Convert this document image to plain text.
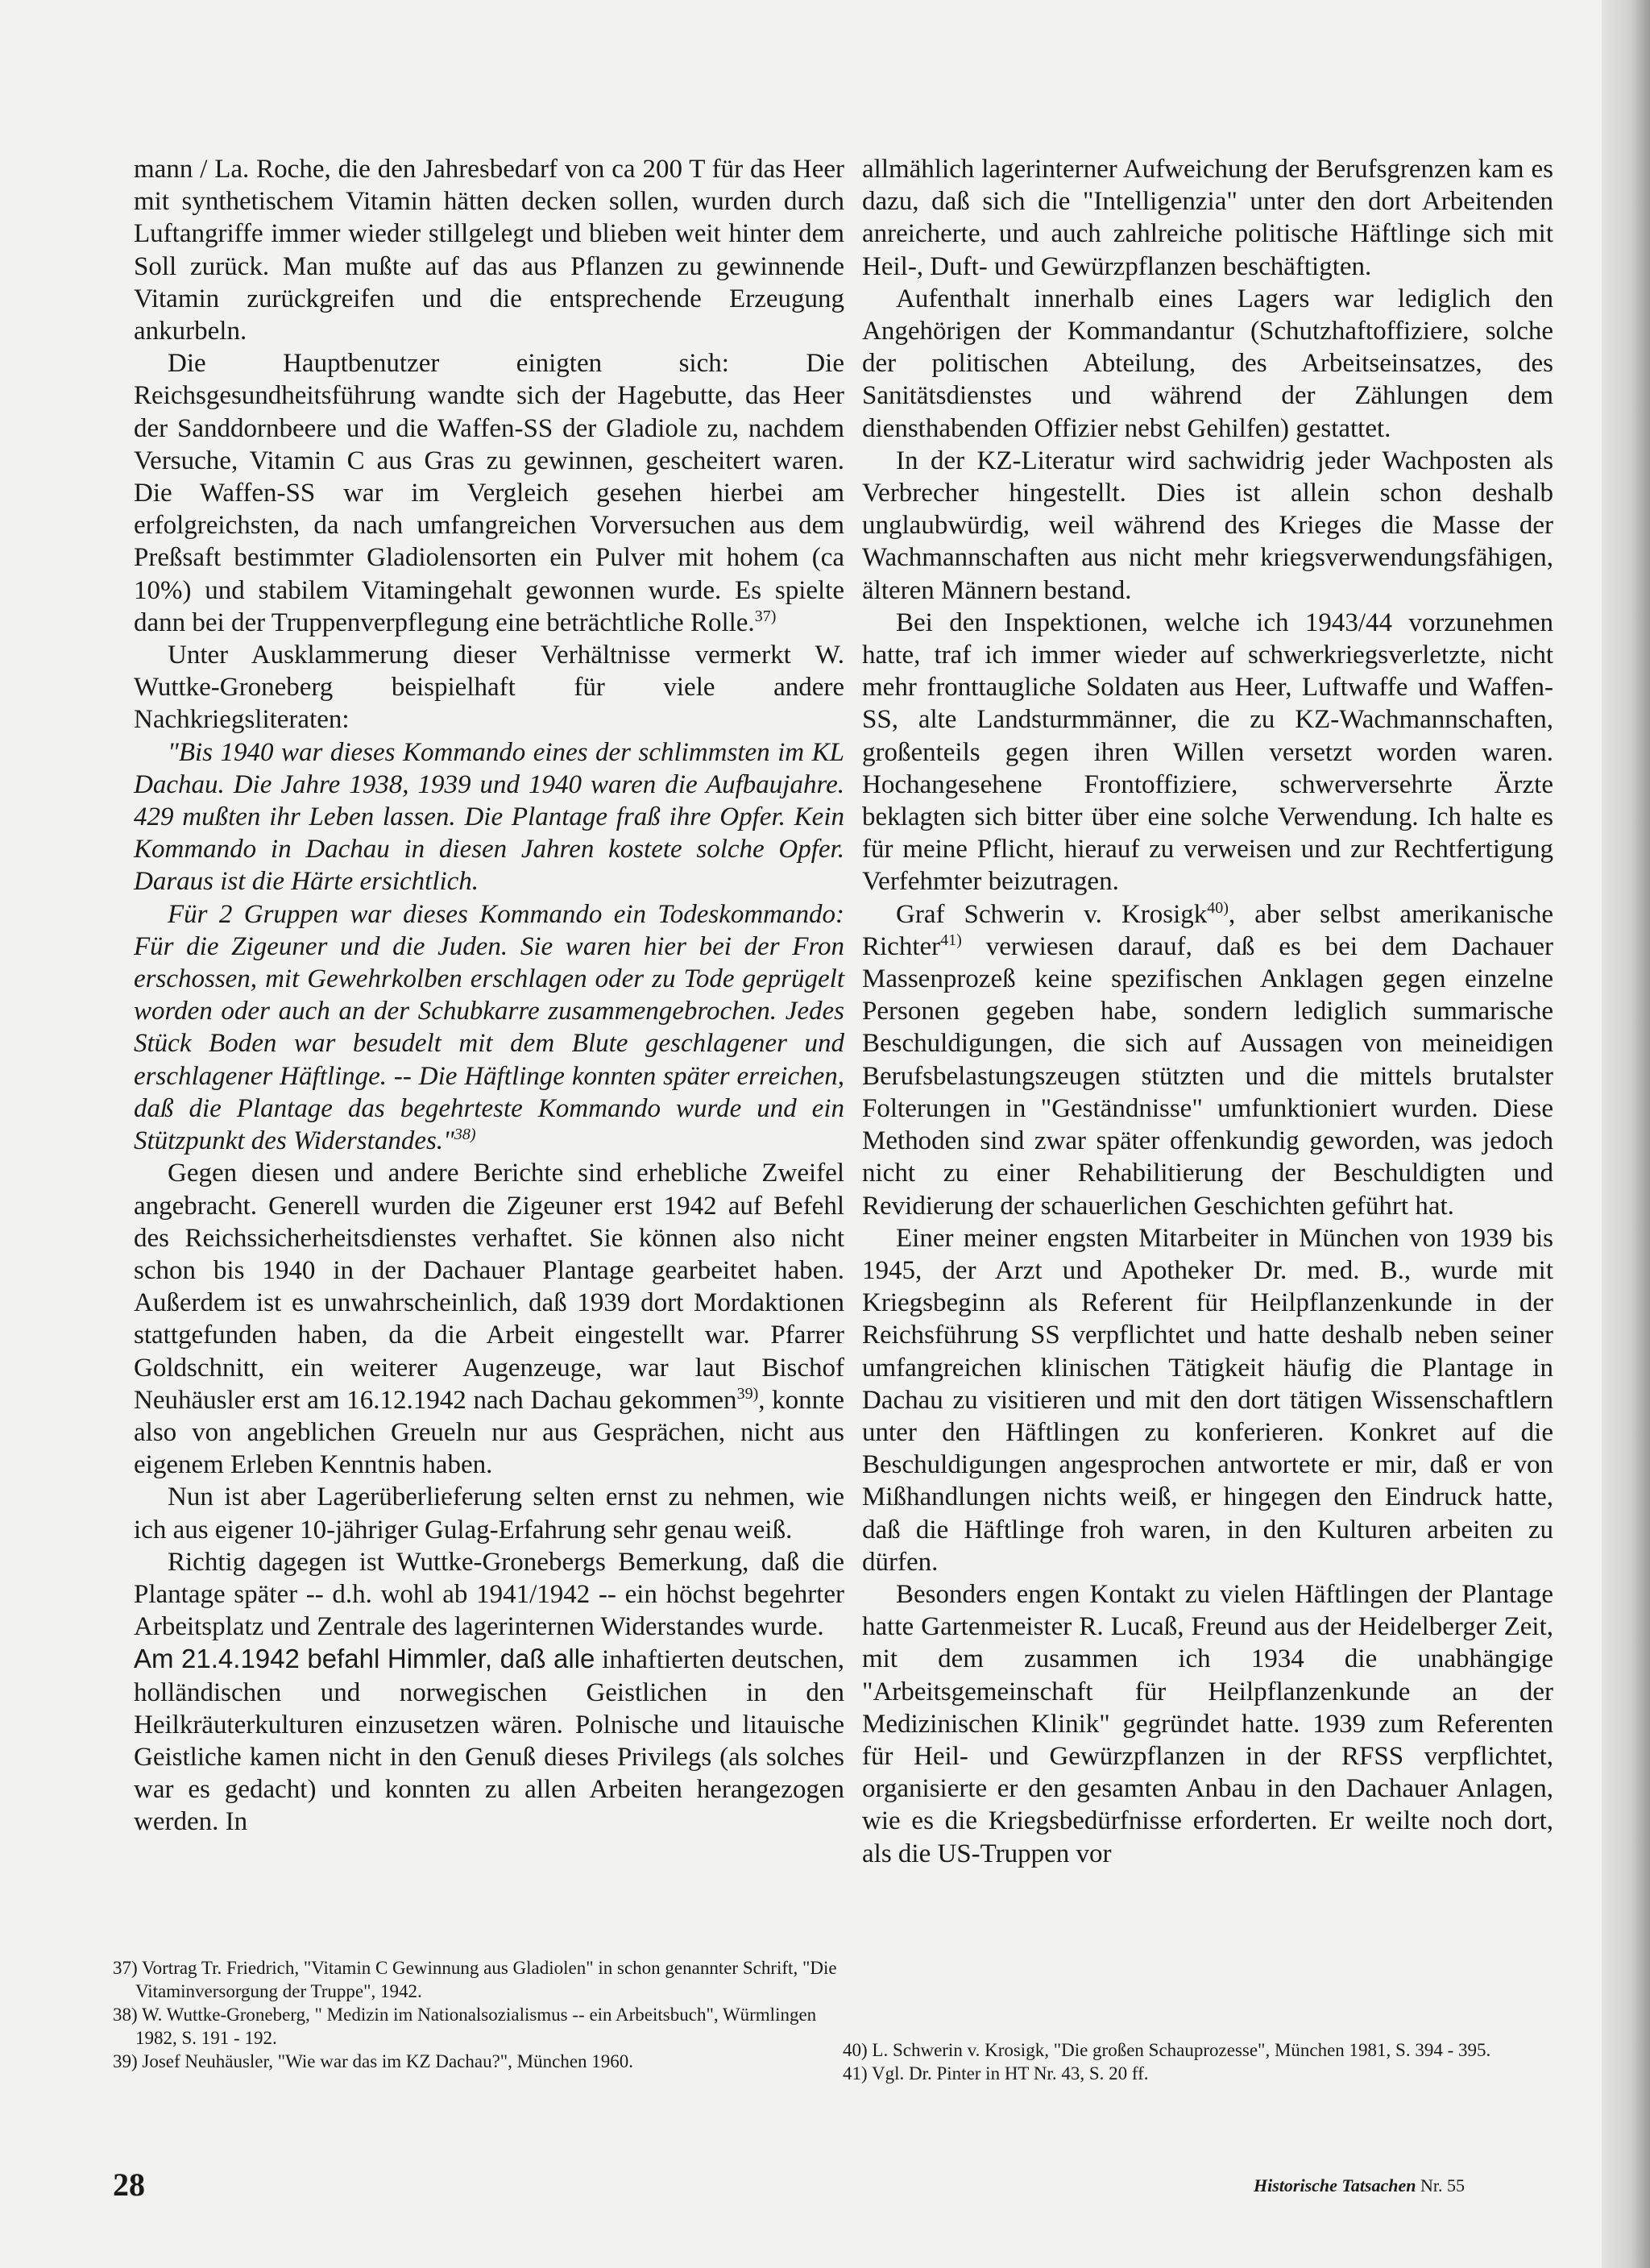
mann / La. Roche, die den Jahresbedarf von ca 200 T für das Heer mit synthetischem Vitamin hätten decken sollen, wurden durch Luftangriffe immer wieder stillgelegt und blieben weit hinter dem Soll zurück. Man mußte auf das aus Pflanzen zu gewinnende Vitamin zurückgreifen und die entsprechende Erzeugung ankurbeln.

Die Hauptbenutzer einigten sich: Die Reichsgesundheitsführung wandte sich der Hagebutte, das Heer der Sanddornbeere und die Waffen-SS der Gladiole zu, nachdem Versuche, Vitamin C aus Gras zu gewinnen, gescheitert waren. Die Waffen-SS war im Vergleich gesehen hierbei am erfolgreichsten, da nach umfangreichen Vorversuchen aus dem Preßsaft bestimmter Gladiolensorten ein Pulver mit hohem (ca 10%) und stabilem Vitamingehalt gewonnen wurde. Es spielte dann bei der Truppenverpflegung eine beträchtliche Rolle.$^{37)}$

Unter Ausklammerung dieser Verhältnisse vermerkt W. Wuttke-Groneberg beispielhaft für viele andere Nachkriegsliteraten:

"Bis 1940 war dieses Kommando eines der schlimmsten im KL Dachau. Die Jahre 1938, 1939 und 1940 waren die Aufbaujahre. 429 mußten ihr Leben lassen. Die Plantage fraß ihre Opfer. Kein Kommando in Dachau in diesen Jahren kostete solche Opfer. Daraus ist die Härte ersichtlich.

Für 2 Gruppen war dieses Kommando ein Todeskommando: Für die Zigeuner und die Juden. Sie waren hier bei der Fron erschossen, mit Gewehrkolben erschlagen oder zu Tode geprügelt worden oder auch an der Schubkarre zusammengebrochen. Jedes Stück Boden war besudelt mit dem Blute geschlagener und erschlagener Häftlinge. -- Die Häftlinge konnten später erreichen, daß die Plantage das begehrteste Kommando wurde und ein Stützpunkt des Widerstandes."$^{38)}$

Gegen diesen und andere Berichte sind erhebliche Zweifel angebracht. Generell wurden die Zigeuner erst 1942 auf Befehl des Reichssicherheitsdienstes verhaftet. Sie können also nicht schon bis 1940 in der Dachauer Plantage gearbeitet haben. Außerdem ist es unwahrscheinlich, daß 1939 dort Mordaktionen stattgefunden haben, da die Arbeit eingestellt war. Pfarrer Goldschnitt, ein weiterer Augenzeuge, war laut Bischof Neuhäusler erst am 16.12.1942 nach Dachau gekommen$^{39)}$, konnte also von angeblichen Greueln nur aus Gesprächen, nicht aus eigenem Erleben Kenntnis haben.

Nun ist aber Lagerüberlieferung selten ernst zu nehmen, wie ich aus eigener 10-jähriger Gulag-Erfahrung sehr genau weiß.

Richtig dagegen ist Wuttke-Gronebergs Bemerkung, daß die Plantage später -- d.h. wohl ab 1941/1942 -- ein höchst begehrter Arbeitsplatz und Zentrale des lagerinternen Widerstandes wurde.

Am 21.4.1942 befahl Himmler, daß alle inhaftierten deutschen, holländischen und norwegischen Geistlichen in den Heilkräuterkulturen einzusetzen wären. Polnische und litauische Geistliche kamen nicht in den Genuß dieses Privilegs (als solches war es gedacht) und konnten zu allen Arbeiten herangezogen werden. In

37) Vortrag Tr. Friedrich, "Vitamin C Gewinnung aus Gladiolen" in schon genannter Schrift, "Die Vitaminversorgung der Truppe", 1942.

38) W. Wuttke-Groneberg, " Medizin im Nationalsozialismus -- ein Arbeitsbuch", Würmlingen 1982, S. 191 - 192.

39) Josef Neuhäusler, "Wie war das im KZ Dachau?", München 1960.

allmählich lagerinterner Aufweichung der Berufsgrenzen kam es dazu, daß sich die "Intelligenzia" unter den dort Arbeitenden anreicherte, und auch zahlreiche politische Häftlinge sich mit Heil-, Duft- und Gewürzpflanzen beschäftigten.

Aufenthalt innerhalb eines Lagers war lediglich den Angehörigen der Kommandantur (Schutzhaftoffiziere, solche der politischen Abteilung, des Arbeitseinsatzes, des Sanitätsdienstes und während der Zählungen dem diensthabenden Offizier nebst Gehilfen) gestattet.

In der KZ-Literatur wird sachwidrig jeder Wachposten als Verbrecher hingestellt. Dies ist allein schon deshalb unglaubwürdig, weil während des Krieges die Masse der Wachmannschaften aus nicht mehr kriegsverwendungsfähigen, älteren Männern bestand.

Bei den Inspektionen, welche ich 1943/44 vorzunehmen hatte, traf ich immer wieder auf schwerkriegsverletzte, nicht mehr fronttaugliche Soldaten aus Heer, Luftwaffe und Waffen-SS, alte Landsturmmänner, die zu KZ-Wachmannschaften, großenteils gegen ihren Willen versetzt worden waren. Hochangesehene Frontoffiziere, schwerversehrte Ärzte beklagten sich bitter über eine solche Verwendung. Ich halte es für meine Pflicht, hierauf zu verweisen und zur Rechtfertigung Verfehmter beizutragen.

Graf Schwerin v. Krosigk$^{40)}$, aber selbst amerikanische Richter$^{41)}$ verwiesen darauf, daß es bei dem Dachauer Massenprozeß keine spezifischen Anklagen gegen einzelne Personen gegeben habe, sondern lediglich summarische Beschuldigungen, die sich auf Aussagen von meineidigen Berufsbelastungszeugen stützten und die mittels brutalster Folterungen in "Geständnisse" umfunktioniert wurden. Diese Methoden sind zwar später offenkundig geworden, was jedoch nicht zu einer Rehabilitierung der Beschuldigten und Revidierung der schauerlichen Geschichten geführt hat.

Einer meiner engsten Mitarbeiter in München von 1939 bis 1945, der Arzt und Apotheker Dr. med. B., wurde mit Kriegsbeginn als Referent für Heilpflanzenkunde in der Reichsführung SS verpflichtet und hatte deshalb neben seiner umfangreichen klinischen Tätigkeit häufig die Plantage in Dachau zu visitieren und mit den dort tätigen Wissenschaftlern unter den Häftlingen zu konferieren. Konkret auf die Beschuldigungen angesprochen antwortete er mir, daß er von Mißhandlungen nichts weiß, er hingegen den Eindruck hatte, daß die Häftlinge froh waren, in den Kulturen arbeiten zu dürfen.

Besonders engen Kontakt zu vielen Häftlingen der Plantage hatte Gartenmeister R. Lucaß, Freund aus der Heidelberger Zeit, mit dem zusammen ich 1934 die unabhängige "Arbeitsgemeinschaft für Heilpflanzenkunde an der Medizinischen Klinik" gegründet hatte. 1939 zum Referenten für Heil- und Gewürzpflanzen in der RFSS verpflichtet, organisierte er den gesamten Anbau in den Dachauer Anlagen, wie es die Kriegsbedürfnisse erforderten. Er weilte noch dort, als die US-Truppen vor

40) L. Schwerin v. Krosigk, "Die großen Schauprozesse", München 1981, S. 394 - 395.

41) Vgl. Dr. Pinter in HT Nr. 43, S. 20 ff.

28	Historische Tatsachen Nr. 55
